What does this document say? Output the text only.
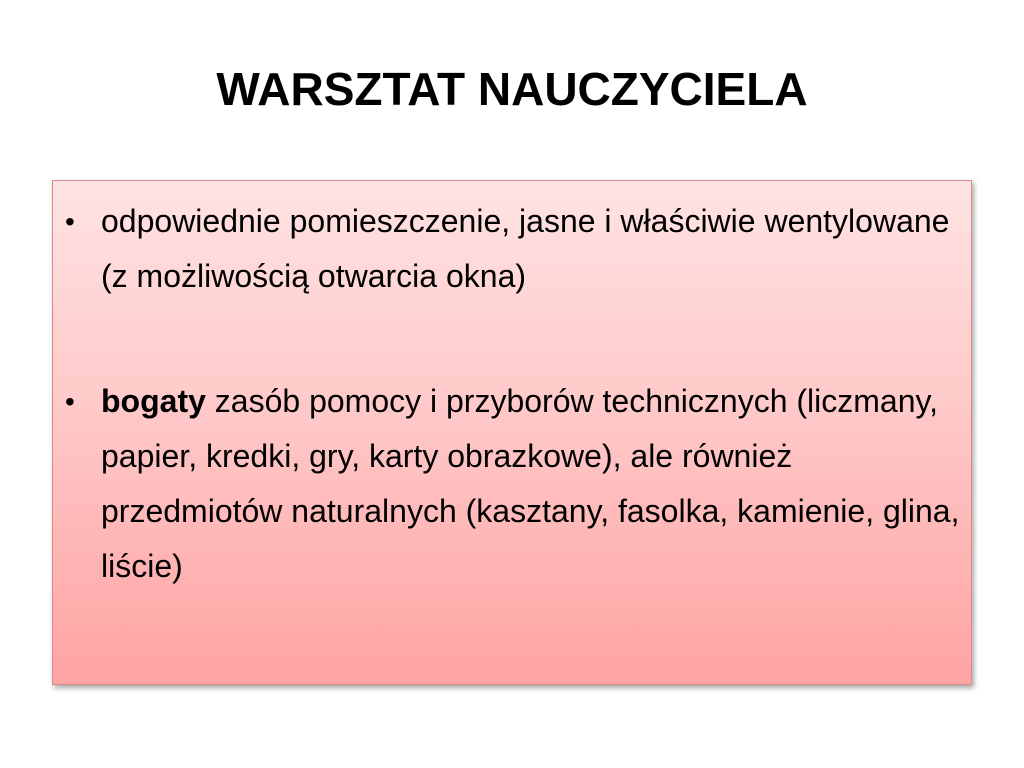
WARSZTAT NAUCZYCIELA
• odpowiednie pomieszczenie, jasne i właściwie wentylowane (z możliwością otwarcia okna)
• bogaty zasób pomocy i przyborów technicznych (liczmany, papier, kredki, gry, karty obrazkowe), ale również przedmiotów naturalnych (kasztany, fasolka, kamienie, glina, liście)
